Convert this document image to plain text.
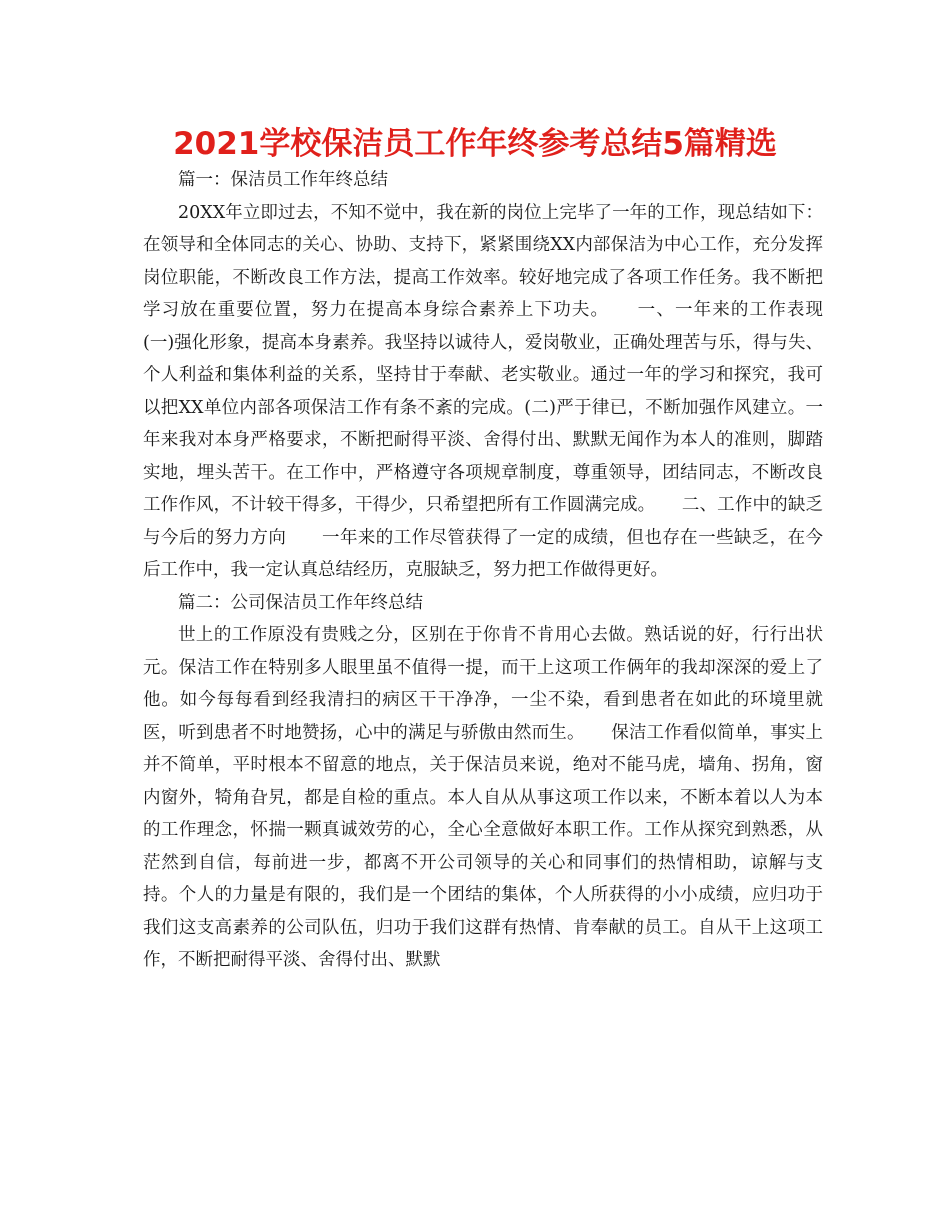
2021学校保洁员工作年终参考总结5篇精选

篇一：保洁员工作年终总结

20XX年立即过去，不知不觉中，我在新的岗位上完毕了一年的工作，现总结如下：在领导和全体同志的关心、协助、支持下，紧紧围绕XX内部保洁为中心工作，充分发挥岗位职能，不断改良工作方法，提高工作效率。较好地完成了各项工作任务。我不断把学习放在重要位置，努力在提高本身综合素养上下功夫。　　一、一年来的工作表现　　(一)强化形象，提高本身素养。我坚持以诚待人，爱岗敬业，正确处理苦与乐，得与失、个人利益和集体利益的关系，坚持甘于奉献、老实敬业。通过一年的学习和探究，我可以把XX单位内部各项保洁工作有条不紊的完成。(二)严于律已，不断加强作风建立。一年来我对本身严格要求，不断把耐得平淡、舍得付出、默默无闻作为本人的准则，脚踏实地，埋头苦干。在工作中，严格遵守各项规章制度，尊重领导，团结同志，不断改良工作作风，不计较干得多，干得少，只希望把所有工作圆满完成。　　二、工作中的缺乏与今后的努力方向　　一年来的工作尽管获得了一定的成绩，但也存在一些缺乏，在今后工作中，我一定认真总结经历，克服缺乏，努力把工作做得更好。

篇二：公司保洁员工作年终总结

世上的工作原没有贵贱之分，区别在于你肯不肯用心去做。熟话说的好，行行出状元。保洁工作在特别多人眼里虽不值得一提，而干上这项工作俩年的我却深深的爱上了他。如今每每看到经我清扫的病区干干净净，一尘不染，看到患者在如此的环境里就医，听到患者不时地赞扬，心中的满足与骄傲由然而生。　　保洁工作看似简单，事实上并不简单，平时根本不留意的地点，关于保洁员来说，绝对不能马虎，墙角、拐角，窗内窗外，犄角旮旯，都是自检的重点。本人自从从事这项工作以来，不断本着以人为本的工作理念，怀揣一颗真诚效劳的心，全心全意做好本职工作。工作从探究到熟悉，从茫然到自信，每前进一步，都离不开公司领导的关心和同事们的热情相助，谅解与支持。个人的力量是有限的，我们是一个团结的集体，个人所获得的小小成绩，应归功于我们这支高素养的公司队伍，归功于我们这群有热情、肯奉献的员工。自从干上这项工作，不断把耐得平淡、舍得付出、默默
